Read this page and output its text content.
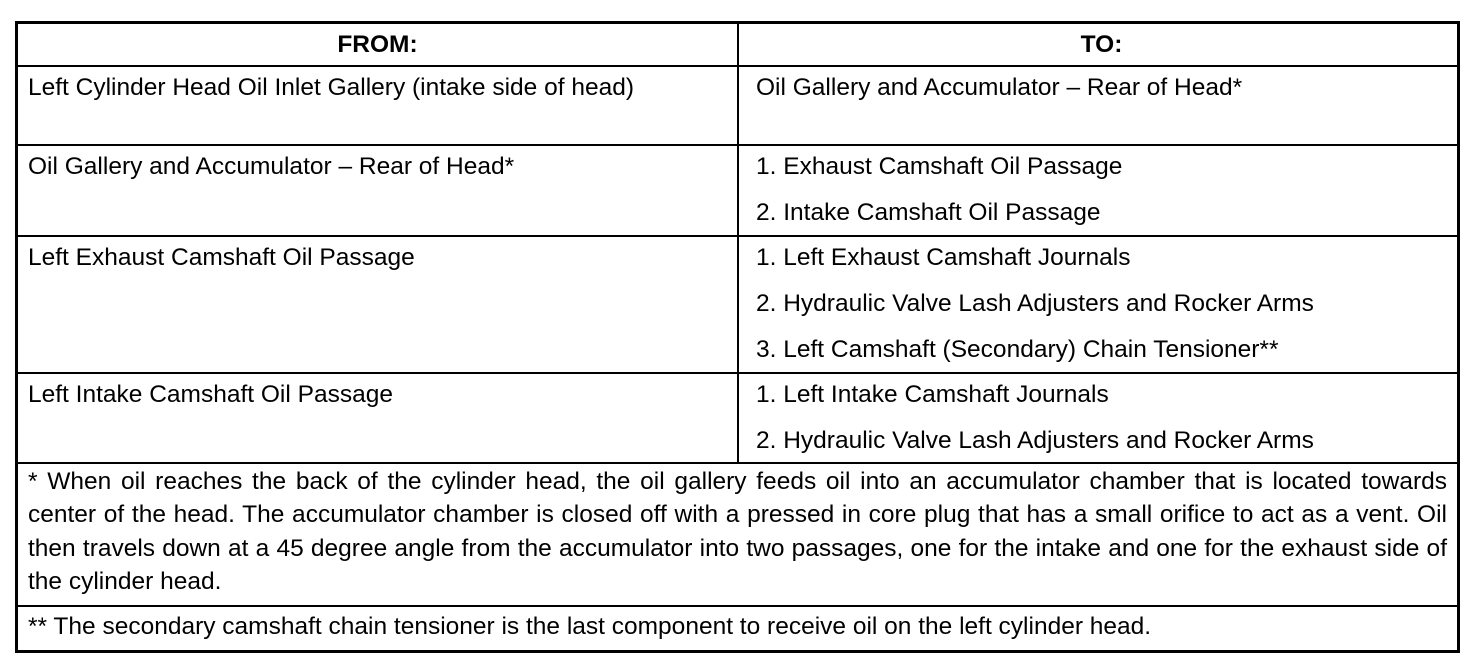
FROM:	TO:
Left Cylinder Head Oil Inlet Gallery (intake side of head)	Oil Gallery and Accumulator – Rear of Head*
Oil Gallery and Accumulator – Rear of Head*	1. Exhaust Camshaft Oil Passage
2. Intake Camshaft Oil Passage
Left Exhaust Camshaft Oil Passage	1. Left Exhaust Camshaft Journals
2. Hydraulic Valve Lash Adjusters and Rocker Arms
3. Left Camshaft (Secondary) Chain Tensioner**
Left Intake Camshaft Oil Passage	1. Left Intake Camshaft Journals
2. Hydraulic Valve Lash Adjusters and Rocker Arms
* When oil reaches the back of the cylinder head, the oil gallery feeds oil into an accumulator chamber that is located towards center of the head. The accumulator chamber is closed off with a pressed in core plug that has a small orifice to act as a vent. Oil then travels down at a 45 degree angle from the accumulator into two passages, one for the intake and one for the exhaust side of the cylinder head.
** The secondary camshaft chain tensioner is the last component to receive oil on the left cylinder head.
